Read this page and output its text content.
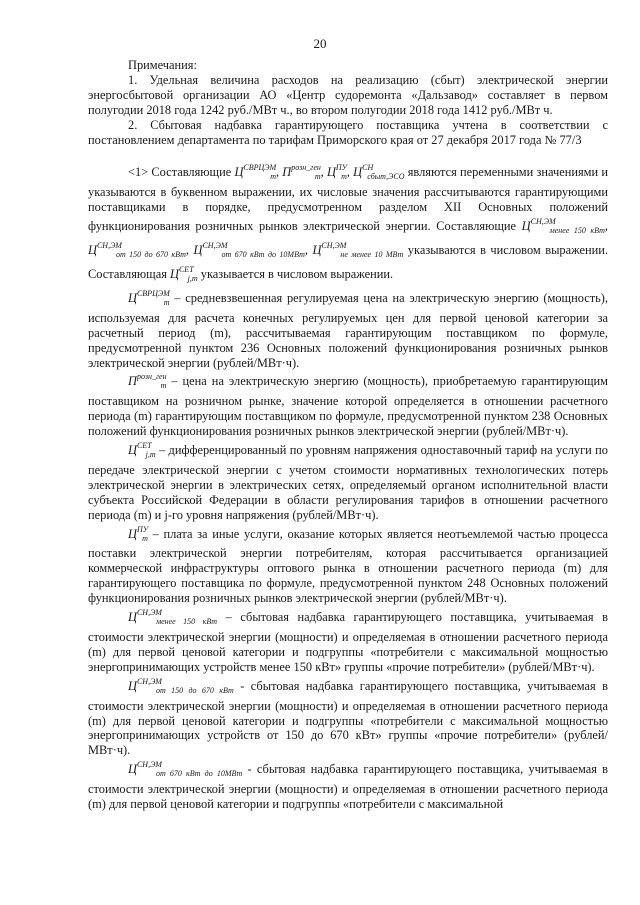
20

Примечания:

1. Удельная величина расходов на реализацию (сбыт) электрической энергии энергосбытовой организации АО «Центр судоремонта «Дальзавод» составляет в первом полугодии 2018 года 1242 руб./МВт ч., во втором полугодии 2018 года 1412 руб./МВт ч.

2. Сбытовая надбавка гарантирующего поставщика учтена в соответствии с постановлением департамента по тарифам Приморского края от 27 декабря 2017 года № 77/3

<1> Составляющие $Ц^{СВРЦЭМ}_m$, $П^{розн\_ген}_m$, $Ц^{ПУ}_m$, $Ц^{СН}_{сбыт,ЭСО}$ являются переменными значениями и указываются в буквенном выражении, их числовые значения рассчитываются гарантирующими поставщиками в порядке, предусмотренном разделом XII Основных положений функционирования розничных рынков электрической энергии. Составляющие $Ц^{СН,ЭМ}_{менее 150 кВт}$, $Ц^{СН,ЭМ}_{от 150 до 670 кВт}$, $Ц^{СН,ЭМ}_{от 670 кВт до 10МВт}$, $Ц^{СН,ЭМ}_{не менее 10 МВт}$ указываются в числовом выражении. Составляющая $Ц^{СЕТ}_{j,m}$ указывается в числовом выражении.

$Ц^{СВРЦЭМ}_m$ – средневзвешенная регулируемая цена на электрическую энергию (мощность), используемая для расчета конечных регулируемых цен для первой ценовой категории за расчетный период (m), рассчитываемая гарантирующим поставщиком по формуле, предусмотренной пунктом 236 Основных положений функционирования розничных рынков электрической энергии (рублей/МВт·ч).

$П^{розн\_ген}_m$ – цена на электрическую энергию (мощность), приобретаемую гарантирующим поставщиком на розничном рынке, значение которой определяется в отношении расчетного периода (m) гарантирующим поставщиком по формуле, предусмотренной пунктом 238 Основных положений функционирования розничных рынков электрической энергии (рублей/МВт·ч).

$Ц^{СЕТ}_{j,m}$ – дифференцированный по уровням напряжения одноставочный тариф на услуги по передаче электрической энергии с учетом стоимости нормативных технологических потерь электрической энергии в электрических сетях, определяемый органом исполнительной власти субъекта Российской Федерации в области регулирования тарифов в отношении расчетного периода (m) и j-го уровня напряжения (рублей/МВт·ч).

$Ц^{ПУ}_m$ – плата за иные услуги, оказание которых является неотъемлемой частью процесса поставки электрической энергии потребителям, которая рассчитывается организацией коммерческой инфраструктуры оптового рынка в отношении расчетного периода (m) для гарантирующего поставщика по формуле, предусмотренной пунктом 248 Основных положений функционирования розничных рынков электрической энергии (рублей/МВт·ч).

$Ц^{СН,ЭМ}_{менее 150 кВт}$ – сбытовая надбавка гарантирующего поставщика, учитываемая в стоимости электрической энергии (мощности) и определяемая в отношении расчетного периода (m) для первой ценовой категории и подгруппы «потребители с максимальной мощностью энергопринимающих устройств менее 150 кВт» группы «прочие потребители» (рублей/МВт·ч).

$Ц^{СН,ЭМ}_{от 150 до 670 кВт}$ - сбытовая надбавка гарантирующего поставщика, учитываемая в стоимости электрической энергии (мощности) и определяемая в отношении расчетного периода (m) для первой ценовой категории и подгруппы «потребители с максимальной мощностью энергопринимающих устройств от 150 до 670 кВт» группы «прочие потребители» (рублей/МВт·ч).

$Ц^{СН,ЭМ}_{от 670 кВт до 10МВт}$ - сбытовая надбавка гарантирующего поставщика, учитываемая в стоимости электрической энергии (мощности) и определяемая в отношении расчетного периода (m) для первой ценовой категории и подгруппы «потребители с максимальной
